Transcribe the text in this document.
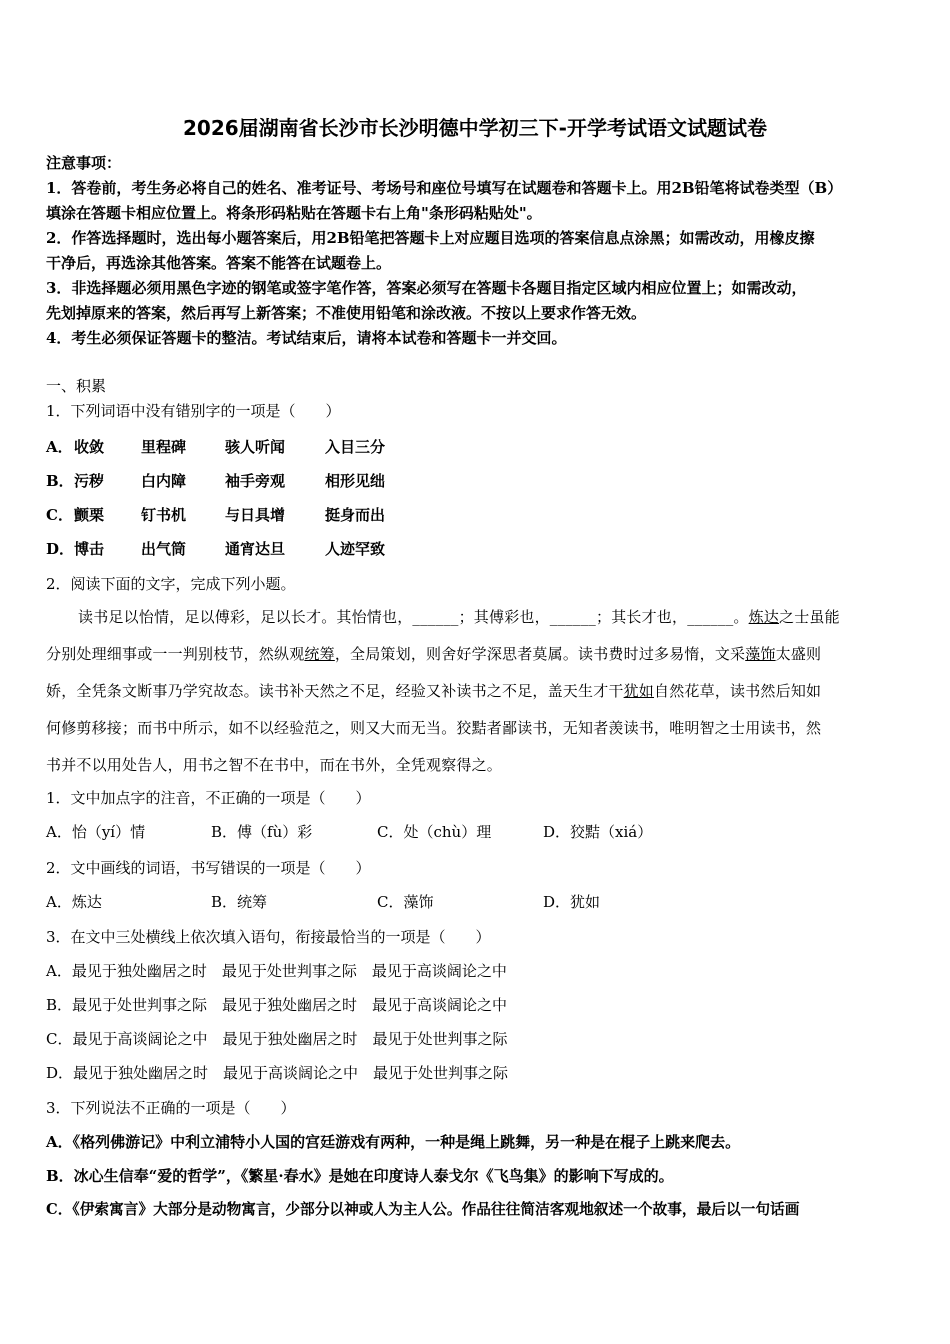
2026届湖南省长沙市长沙明德中学初三下-开学考试语文试题试卷
注意事项：
1．答卷前，考生务必将自己的姓名、准考证号、考场号和座位号填写在试题卷和答题卡上。用2B铅笔将试卷类型（B）
填涂在答题卡相应位置上。将条形码粘贴在答题卡右上角"条形码粘贴处"。
2．作答选择题时，选出每小题答案后，用2B铅笔把答题卡上对应题目选项的答案信息点涂黑；如需改动，用橡皮擦
干净后，再选涂其他答案。答案不能答在试题卷上。
3．非选择题必须用黑色字迹的钢笔或签字笔作答，答案必须写在答题卡各题目指定区域内相应位置上；如需改动，
先划掉原来的答案，然后再写上新答案；不准使用铅笔和涂改液。不按以上要求作答无效。
4．考生必须保证答题卡的整洁。考试结束后，请将本试卷和答题卡一并交回。
一、积累
1．下列词语中没有错别字的一项是（　　）
A． 收敛 里程碑	骇人听闻	入目三分
B． 污秽 白内障	袖手旁观	相形见绌
C． 颤栗 钉书机	与日具增	挺身而出
D． 博击 出气筒	通宵达旦	人迹罕致
2．阅读下面的文字，完成下列小题。
读书足以怡情，足以傅彩，足以长才。其怡情也，______；其傅彩也，______；其长才也，______。炼达之士虽能
分别处理细事或一一判别枝节，然纵观统筹，全局策划，则舍好学深思者莫属。读书费时过多易惰，文采藻饰太盛则
娇，全凭条文断事乃学究故态。读书补天然之不足，经验又补读书之不足，盖天生才干犹如自然花草，读书然后知如
何修剪移接；而书中所示，如不以经验范之，则又大而无当。狡黠者鄙读书，无知者羡读书，唯明智之士用读书，然
书并不以用处告人，用书之智不在书中，而在书外，全凭观察得之。
1．文中加点字的注音，不正确的一项是（　　）
A．怡（yí）情	B．傅（fù）彩	C．处（chù）理	D．狡黠（xiá）
2．文中画线的词语，书写错误的一项是（　　）
A．炼达	B．统筹	C．藻饰	D．犹如
3．在文中三处横线上依次填入语句，衔接最恰当的一项是（　　）
A．最见于独处幽居之时　最见于处世判事之际　最见于高谈阔论之中
B．最见于处世判事之际　最见于独处幽居之时　最见于高谈阔论之中
C．最见于高谈阔论之中　最见于独处幽居之时　最见于处世判事之际
D．最见于独处幽居之时　最见于高谈阔论之中　最见于处世判事之际
3．下列说法不正确的一项是（　　）
A．《格列佛游记》中利立浦特小人国的宫廷游戏有两种，一种是绳上跳舞，另一种是在棍子上跳来爬去。
B．冰心生信奉“爱的哲学”，《繁星·春水》是她在印度诗人泰戈尔《飞鸟集》的影响下写成的。
C．《伊索寓言》大部分是动物寓言，少部分以神或人为主人公。作品往往简洁客观地叙述一个故事，最后以一句话画
